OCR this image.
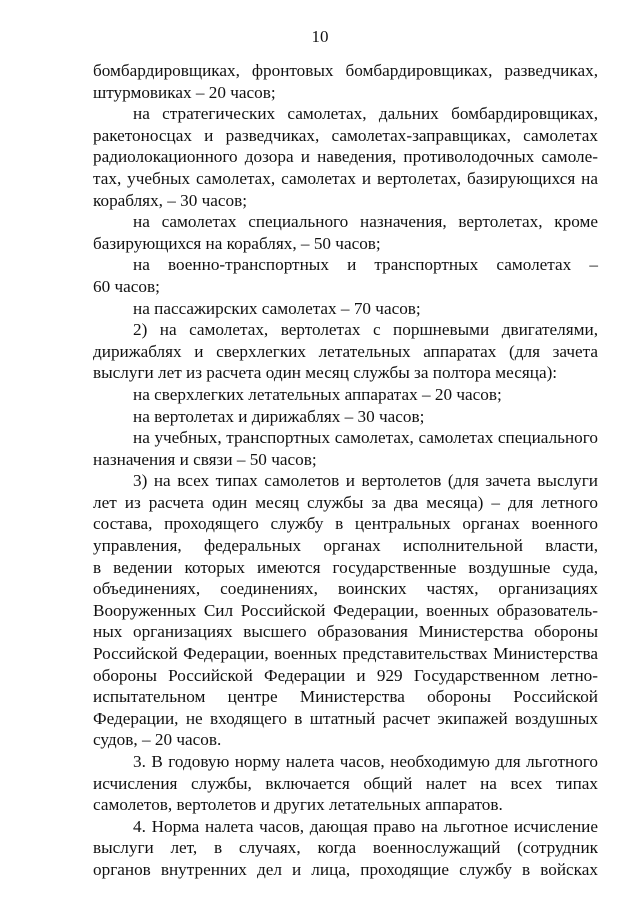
10
бомбардировщиках, фронтовых бомбардировщиках, разведчиках,
штурмовиках – 20 часов;
на стратегических самолетах, дальних бомбардировщиках,
ракетоносцах и разведчиках, самолетах-заправщиках, самолетах
радиолокационного дозора и наведения, противолодочных самоле-
тах, учебных самолетах, самолетах и вертолетах, базирующихся на
кораблях, – 30 часов;
на самолетах специального назначения, вертолетах, кроме
базирующихся на кораблях, – 50 часов;
на военно-транспортных и транспортных самолетах –
60 часов;
на пассажирских самолетах – 70 часов;
2) на самолетах, вертолетах с поршневыми двигателями,
дирижаблях и сверхлегких летательных аппаратах (для зачета
выслуги лет из расчета один месяц службы за полтора месяца):
на сверхлегких летательных аппаратах – 20 часов;
на вертолетах и дирижаблях – 30 часов;
на учебных, транспортных самолетах, самолетах специального
назначения и связи – 50 часов;
3) на всех типах самолетов и вертолетов (для зачета выслуги
лет из расчета один месяц службы за два месяца) – для летного
состава, проходящего службу в центральных органах военного
управления, федеральных органах исполнительной власти,
в ведении которых имеются государственные воздушные суда,
объединениях, соединениях, воинских частях, организациях
Вооруженных Сил Российской Федерации, военных образователь-
ных организациях высшего образования Министерства обороны
Российской Федерации, военных представительствах Министерства
обороны Российской Федерации и 929 Государственном летно-
испытательном центре Министерства обороны Российской
Федерации, не входящего в штатный расчет экипажей воздушных
судов, – 20 часов.
3. В годовую норму налета часов, необходимую для льготного
исчисления службы, включается общий налет на всех типах
самолетов, вертолетов и других летательных аппаратов.
4. Норма налета часов, дающая право на льготное исчисление
выслуги лет, в случаях, когда военнослужащий (сотрудник
органов внутренних дел и лица, проходящие службу в войсках
